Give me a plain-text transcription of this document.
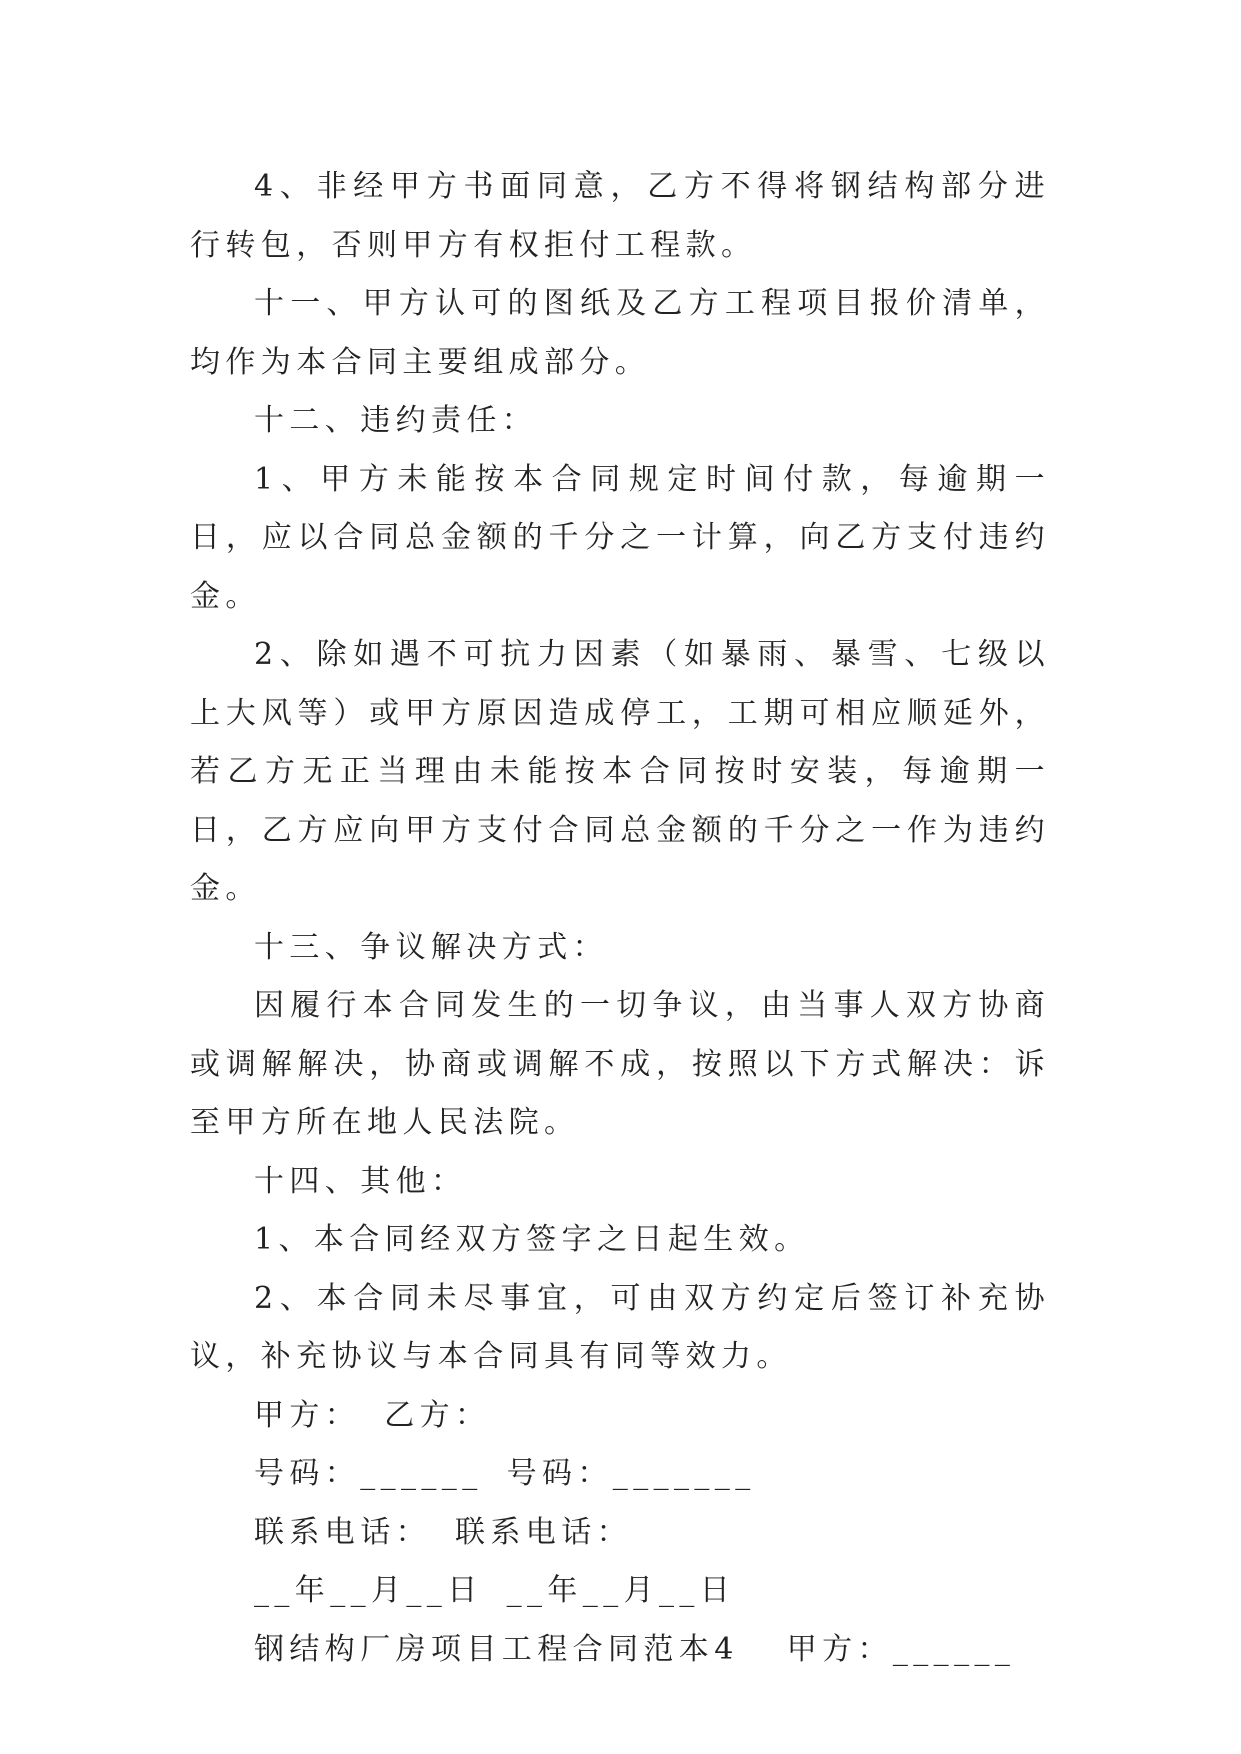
4、非经甲方书面同意，乙方不得将钢结构部分进行转包，否则甲方有权拒付工程款。

十一、甲方认可的图纸及乙方工程项目报价清单，均作为本合同主要组成部分。

十二、违约责任：

1、甲方未能按本合同规定时间付款，每逾期一日，应以合同总金额的千分之一计算，向乙方支付违约金。

2、除如遇不可抗力因素（如暴雨、暴雪、七级以上大风等）或甲方原因造成停工，工期可相应顺延外，若乙方无正当理由未能按本合同按时安装，每逾期一日，乙方应向甲方支付合同总金额的千分之一作为违约金。

十三、争议解决方式：

因履行本合同发生的一切争议，由当事人双方协商或调解解决，协商或调解不成，按照以下方式解决：诉至甲方所在地人民法院。

十四、其他：

1、本合同经双方签字之日起生效。

2、本合同未尽事宜，可由双方约定后签订补充协议，补充协议与本合同具有同等效力。

甲方： 乙方：
号码：______ 号码：_______
联系电话： 联系电话：
__年__月__日 __年__月__日
钢结构厂房项目工程合同范本4 甲方：______
